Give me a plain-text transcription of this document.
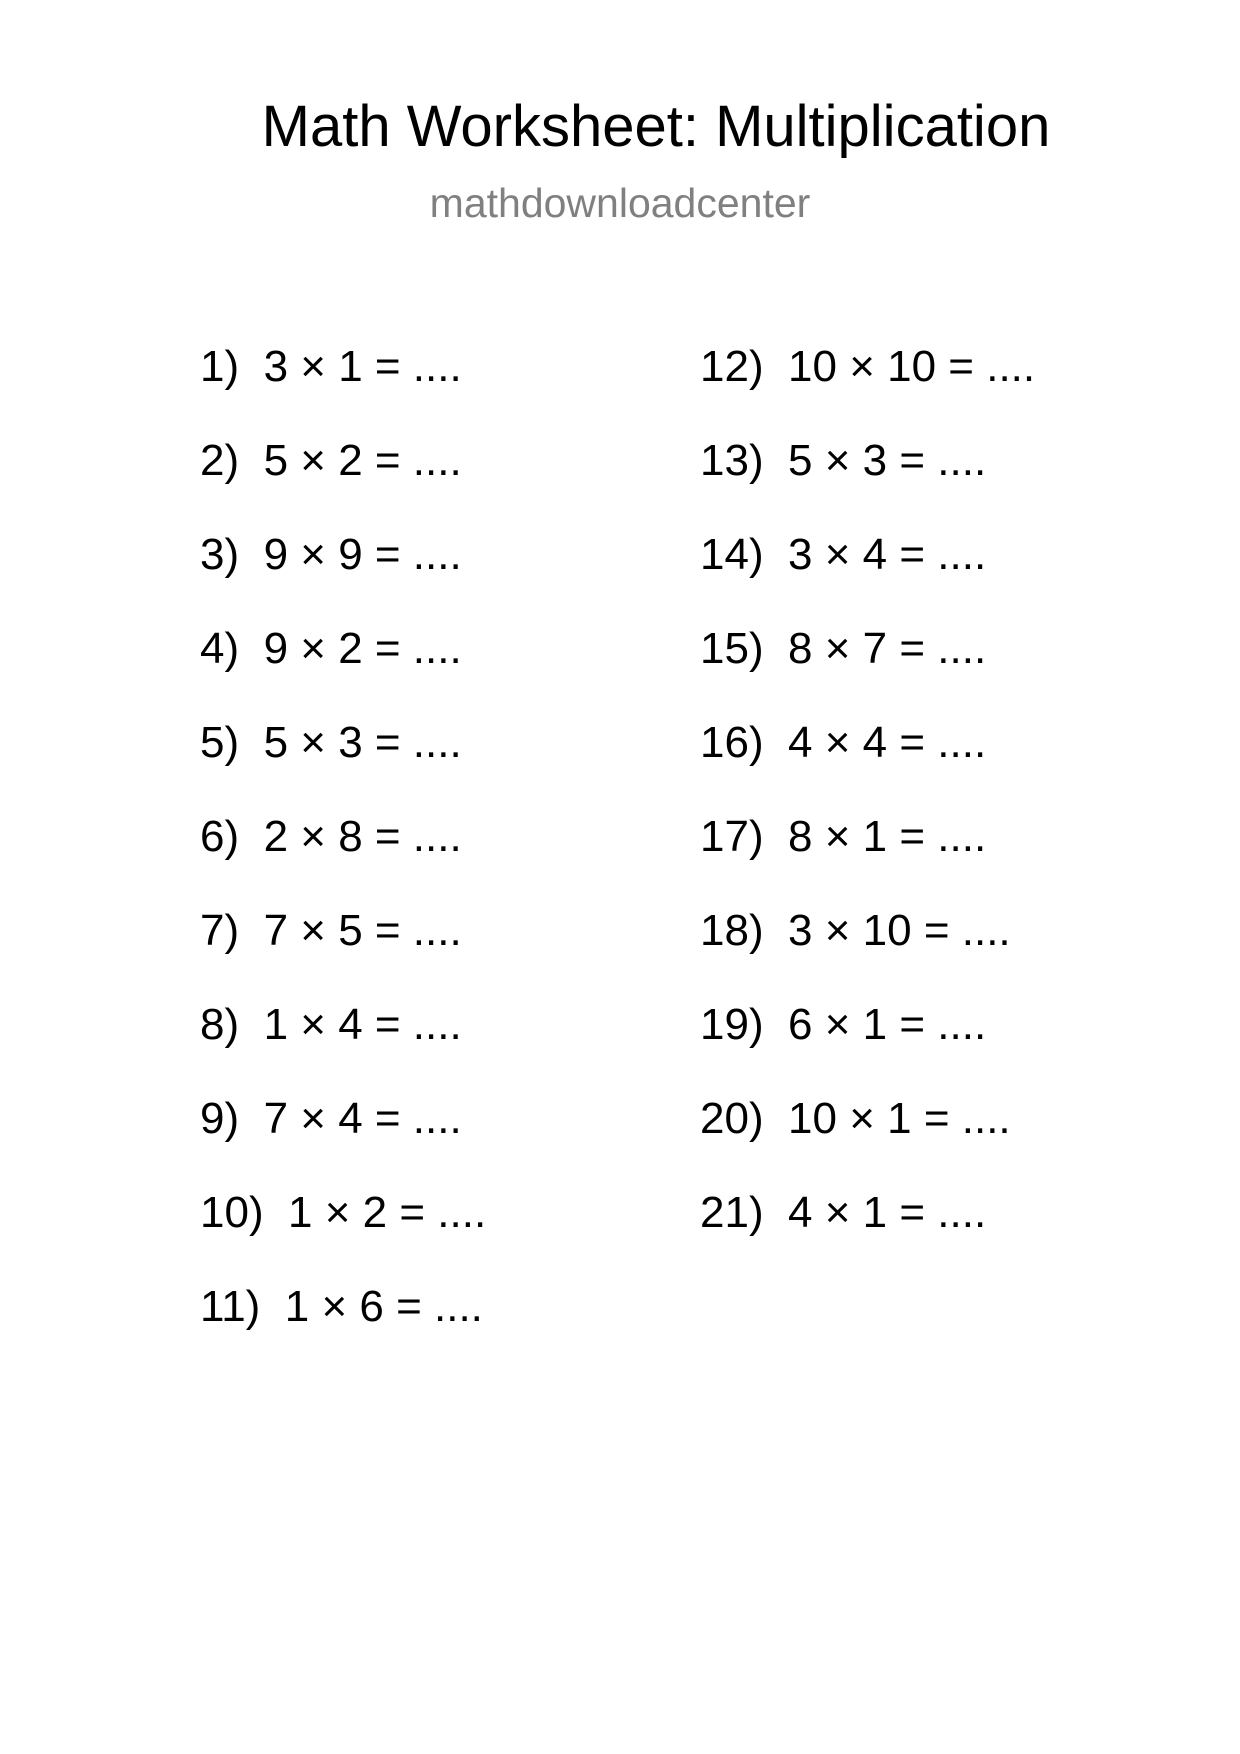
Math Worksheet: Multiplication
mathdownloadcenter
1)  3 × 1 = ....
2)  5 × 2 = ....
3)  9 × 9 = ....
4)  9 × 2 = ....
5)  5 × 3 = ....
6)  2 × 8 = ....
7)  7 × 5 = ....
8)  1 × 4 = ....
9)  7 × 4 = ....
10)  1 × 2 = ....
11)  1 × 6 = ....
12)  10 × 10 = ....
13)  5 × 3 = ....
14)  3 × 4 = ....
15)  8 × 7 = ....
16)  4 × 4 = ....
17)  8 × 1 = ....
18)  3 × 10 = ....
19)  6 × 1 = ....
20)  10 × 1 = ....
21)  4 × 1 = ....
